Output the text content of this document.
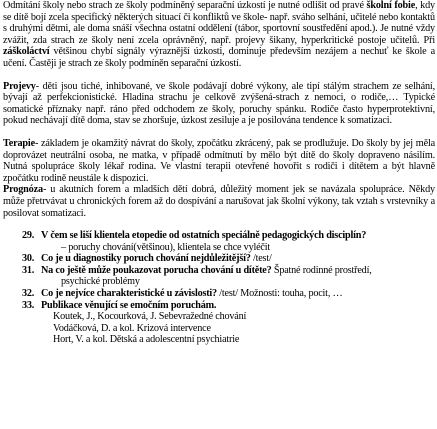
Odmítání školy nebo strach ze školy podmíněný separační úzkostí je nutné odlišit od pravé školní fobie, kdy se dítě bojí zcela specifický některých situací či konfliktů ve škole- např. sváho selhání, učitelé nebo kontaktů s druhými dětmi, ale doma snáší všechna ostatní oddělení (tábor, sportovní soustředění apod.). Je nutné vždy zvážit, zda strach ze školy není zcela oprávněný, např. projevy šikany, hyperkritické postoje učitelů. Při záškoláctví většinou chybí signály výraznější úzkosti, dominuje především nezájem a nechuť ke škole a učení. Častěji je strach ze školy podmíněn separační úzkostí.

Projevy- děti jsou tiché, inhibované, ve škole podávají dobré výkony, ale tipí stálým strachem ze selhání, bývají až perfekcionistické. Hladina strachu je celkově zvýšená-strach z nemoci, o rodiče,… Typické somatické příznaky např. ráno před odchodem ze školy, poruchy spánku. Rodiče často hyperprotektivní, pokud nechávají dítě doma, stav se zhoršuje, úzkost zesiluje a je posilována tendence k somatizaci.

Terapie- základem je okamžitý návrat do školy, zpočátku zkrácený, pak se prodlužuje. Do školy by jej měla doprovázet neutrální osoba, ne matka, v případě odmítnutí by mělo být dítě do školy dopraveno násilím. Nutná spolupráce školy lékař rodina. Ve vlastní terapii otevřené hovořit s rodiči i dítětem a být hlavně zpočátku rodině neustále k dispozici.

Prognóza- u akutních forem a mladších dětí dobrá, důležitý moment jek se navázala spolupráce. Někdy může přetrvávat u chronických forem až do dospívání a narušovat jak školní výkony, tak vztah s vrstevníky a posilovat somatizaci.

29. V čem se liší klientela etopedie od ostatních speciálně pedagogických disciplín?
– poruchy chování(většinou), klientela se chce vyléčit
30. Co je u diagnostiky poruch chování nejdůležitější? /test/
31. Na co ještě může poukazovat porucha chování u dítěte? Špatné rodinné prostředí,
psychické problémy
32. Co je nejvíce charakteristické u závislosti? /test/ Možnosti: touha, pocit, …
33. Publikace věnující se emočním poruchám.

Koutek, J., Kocourková, J. Sebevražedné chování

Vodáčková, D. a kol. Krizová intervence

Hort, V. a kol. Dětská a adolescentní psychiatrie
